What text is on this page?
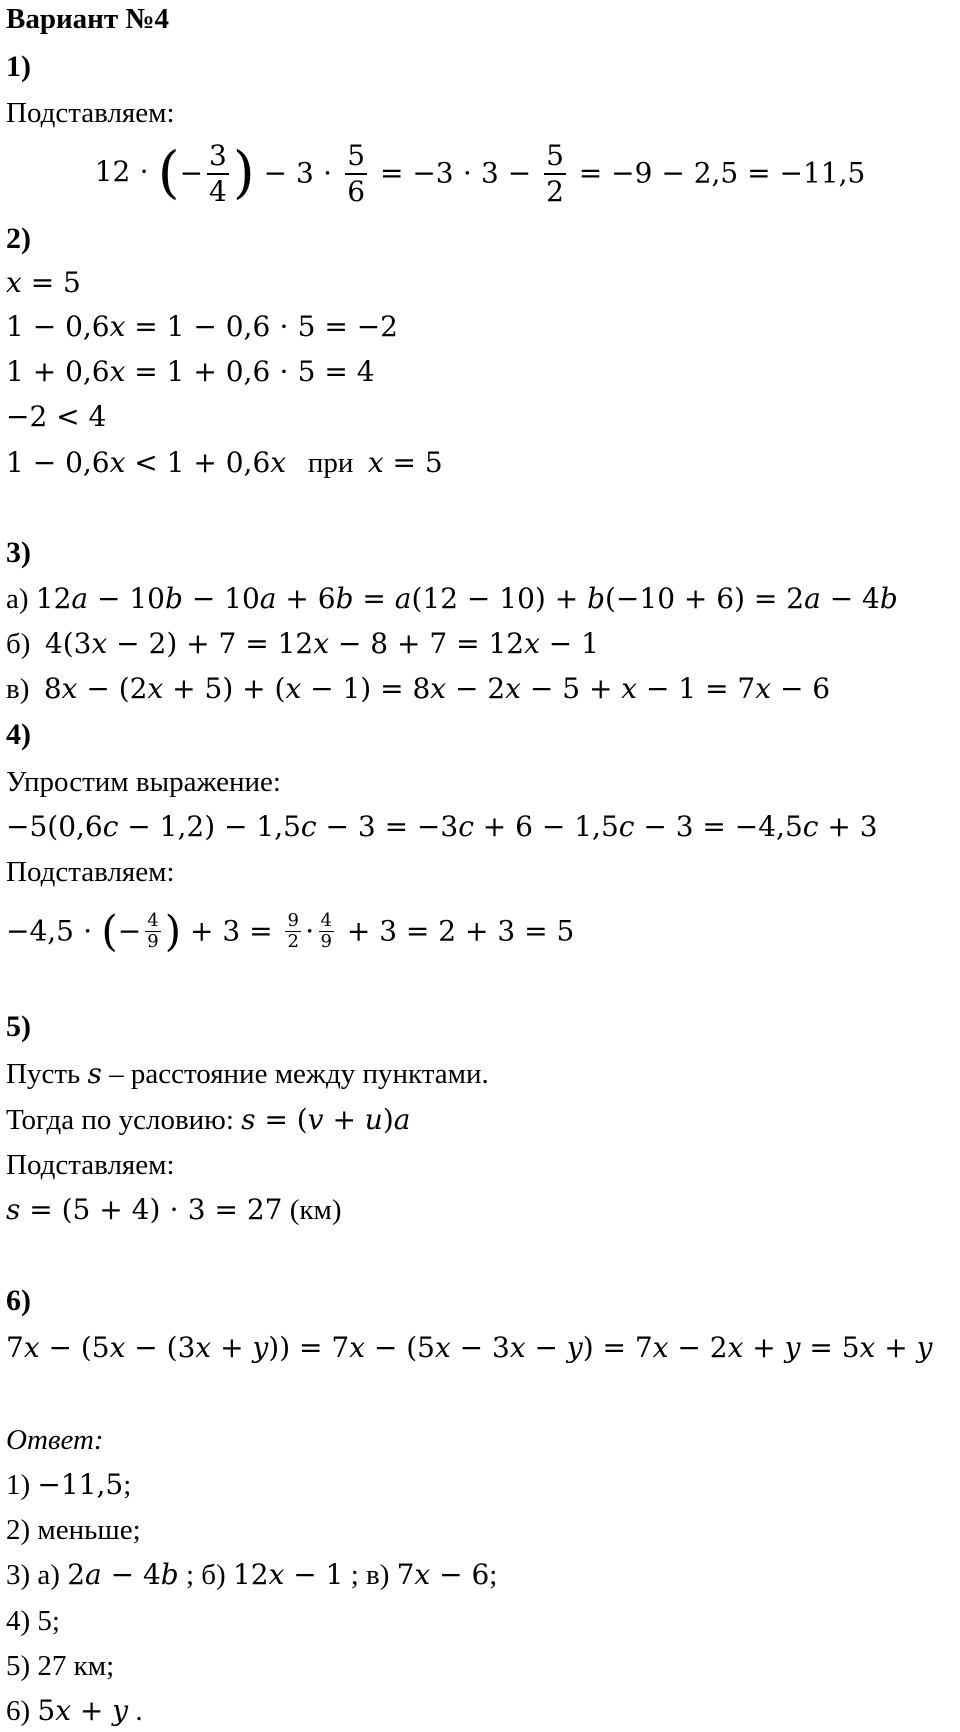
Вариант №4
1)
Подставляем:
12 ⋅ (− $\frac{3}{4}$ ) − $3 \cdot \frac{5}{6} = -3 \cdot 3 - \frac{5}{2} = -9 - 2,5 = -11,5$
2)
𝑥 = 5
1 − 0,6𝑥 = 1 − 0,6 ⋅ 5 = −2
1 + 0,6𝑥 = 1 + 0,6 ⋅ 5 = 4
−2 < 4
1 − 0,6𝑥 < 1 + 0,6𝑥 при 𝑥 = 5
3)
а) 12𝑎 − 10𝑏 − 10𝑎 + 6𝑏 = 𝑎(12 − 10) + 𝑏(−10 + 6) = 2𝑎 − 4𝑏
б) 4(3𝑥 − 2) + 7 = 12𝑥 − 8 + 7 = 12𝑥 − 1
в) 8𝑥 − (2𝑥 + 5) + (𝑥 − 1) = 8𝑥 − 2𝑥 − 5 + 𝑥 − 1 = 7𝑥 − 6
4)
Упростим выражение:
−5(0,6𝑐 − 1,2) − 1,5𝑐 − 3 = −3𝑐 + 6 − 1,5𝑐 − 3 = −4,5𝑐 + 3
Подставляем:
−4,5 ⋅ (− $\frac{4}{9}$ ) + $3 = \frac{9}{2} \cdot \frac{4}{9} + 3 = 2 + 3 = 5$
5)
Пусть 𝑠 – расстояние между пунктами.
Тогда по условию: 𝑠 = (𝑣 + 𝑢)𝑎
Подставляем:
𝑠 = (5 + 4) ⋅ 3 = 27 (км)
6)
7𝑥 − (5𝑥 − (3𝑥 + 𝑦)) = 7𝑥 − (5𝑥 − 3𝑥 − 𝑦) = 7𝑥 − 2𝑥 + 𝑦 = 5𝑥 + 𝑦
Ответ:
1) −11,5;
2) меньше;
3) а) 2𝑎 − 4𝑏 ; б) 12𝑥 − 1 ; в) 7𝑥 − 6;
4) 5;
5) 27 км;
6) 5𝑥 + 𝑦 .
